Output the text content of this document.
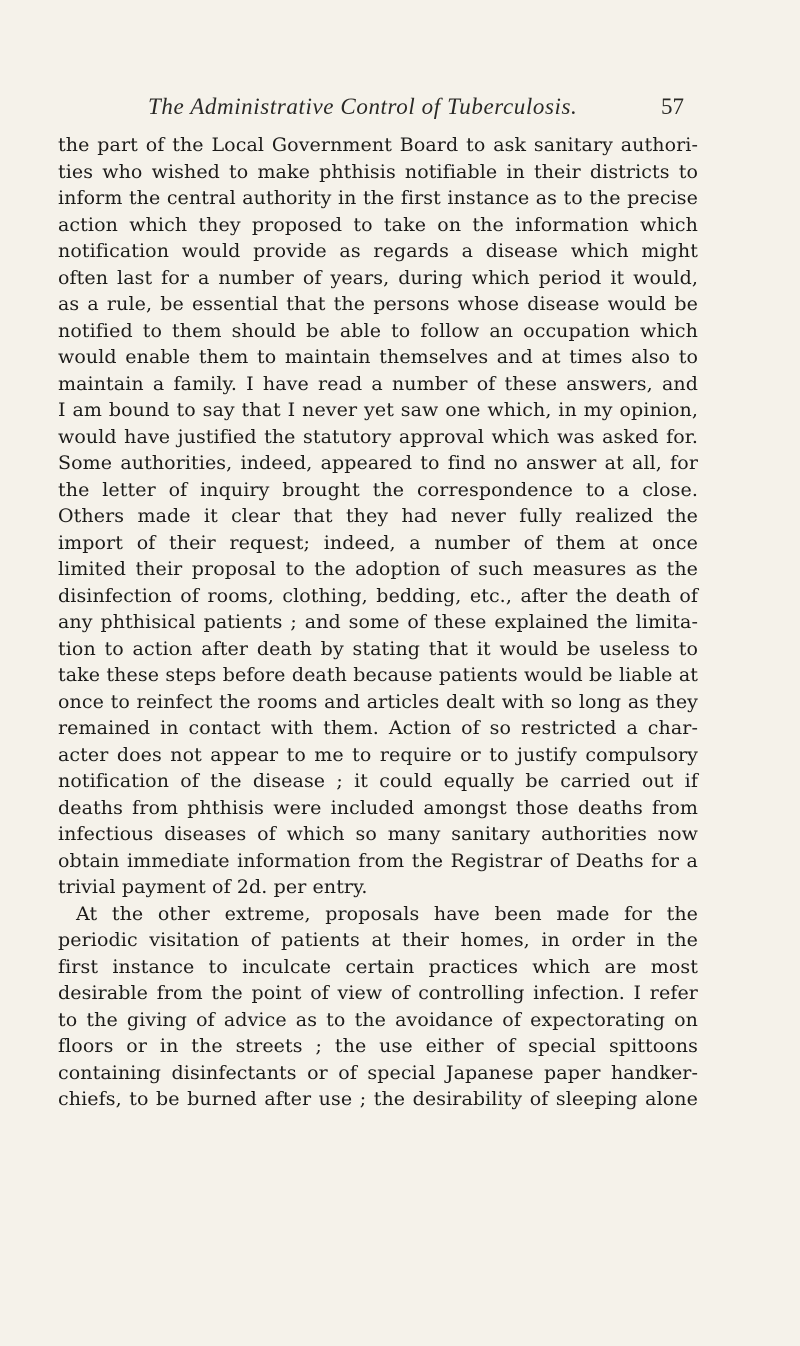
The Administrative Control of Tuberculosis.	57
the part of the Local Government Board to ask sanitary authori-
ties who wished to make phthisis notifiable in their districts to
inform the central authority in the first instance as to the precise
action which they proposed to take on the information which
notification would provide as regards a disease which might
often last for a number of years, during which period it would,
as a rule, be essential that the persons whose disease would be
notified to them should be able to follow an occupation which
would enable them to maintain themselves and at times also to
maintain a family. I have read a number of these answers, and
I am bound to say that I never yet saw one which, in my opinion,
would have justified the statutory approval which was asked for.
Some authorities, indeed, appeared to find no answer at all, for
the letter of inquiry brought the correspondence to a close.
Others made it clear that they had never fully realized the
import of their request; indeed, a number of them at once
limited their proposal to the adoption of such measures as the
disinfection of rooms, clothing, bedding, etc., after the death of
any phthisical patients ; and some of these explained the limita-
tion to action after death by stating that it would be useless to
take these steps before death because patients would be liable at
once to reinfect the rooms and articles dealt with so long as they
remained in contact with them. Action of so restricted a char-
acter does not appear to me to require or to justify compulsory
notification of the disease ; it could equally be carried out if
deaths from phthisis were included amongst those deaths from
infectious diseases of which so many sanitary authorities now
obtain immediate information from the Registrar of Deaths for a
trivial payment of 2d. per entry.
At the other extreme, proposals have been made for the
periodic visitation of patients at their homes, in order in the
first instance to inculcate certain practices which are most
desirable from the point of view of controlling infection. I refer
to the giving of advice as to the avoidance of expectorating on
floors or in the streets ; the use either of special spittoons
containing disinfectants or of special Japanese paper handker-
chiefs, to be burned after use ; the desirability of sleeping alone
